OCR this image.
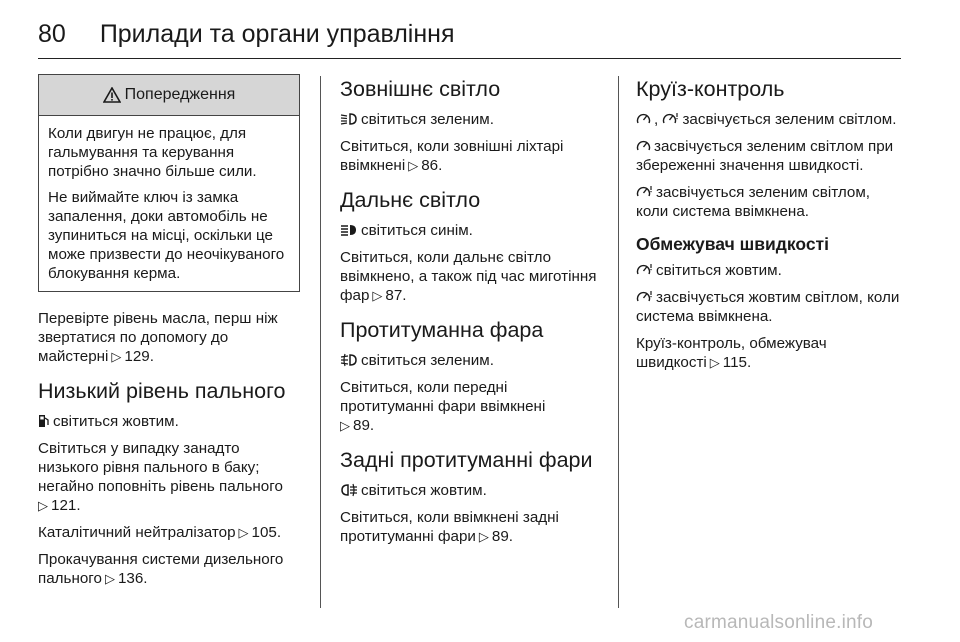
80 Прилади та органи управління
Попередження

Коли двигун не працює, для гальмування та керування потрібно значно більше сили.

Не виймайте ключ із замка запалення, доки автомобіль не зупиниться на місці, оскільки це може призвести до неочікуваного блокування керма.

Перевірте рівень масла, перш ніж звертатися по допомогу до майстерні ▷ 129.

Низький рівень пального

світиться жовтим.

Світиться у випадку занадто низького рівня пального в баку; негайно поповніть рівень пального
▷ 121.

Каталітичний нейтралізатор ▷ 105.

Прокачування системи дизельного пального ▷ 136.

Зовнішнє світло

світиться зеленим.

Світиться, коли зовнішні ліхтарі ввімкнені ▷ 86.

Дальнє світло

світиться синім.

Світиться, коли дальнє світло ввімкнено, а також під час миготіння фар ▷ 87.

Протитуманна фара

світиться зеленим.

Світиться, коли передні протитуманні фари ввімкнені
▷ 89.

Задні протитуманні фари

світиться жовтим.

Світиться, коли ввімкнені задні протитуманні фари ▷ 89.

Круїз-контроль

, засвічується зеленим світлом.

засвічується зеленим світлом при збереженні значення швидкості.

засвічується зеленим світлом, коли система ввімкнена.

Обмежувач швидкості

світиться жовтим.

засвічується жовтим світлом, коли система ввімкнена.

Круїз-контроль, обмежувач швидкості ▷ 115.

carmanualsonline.info
